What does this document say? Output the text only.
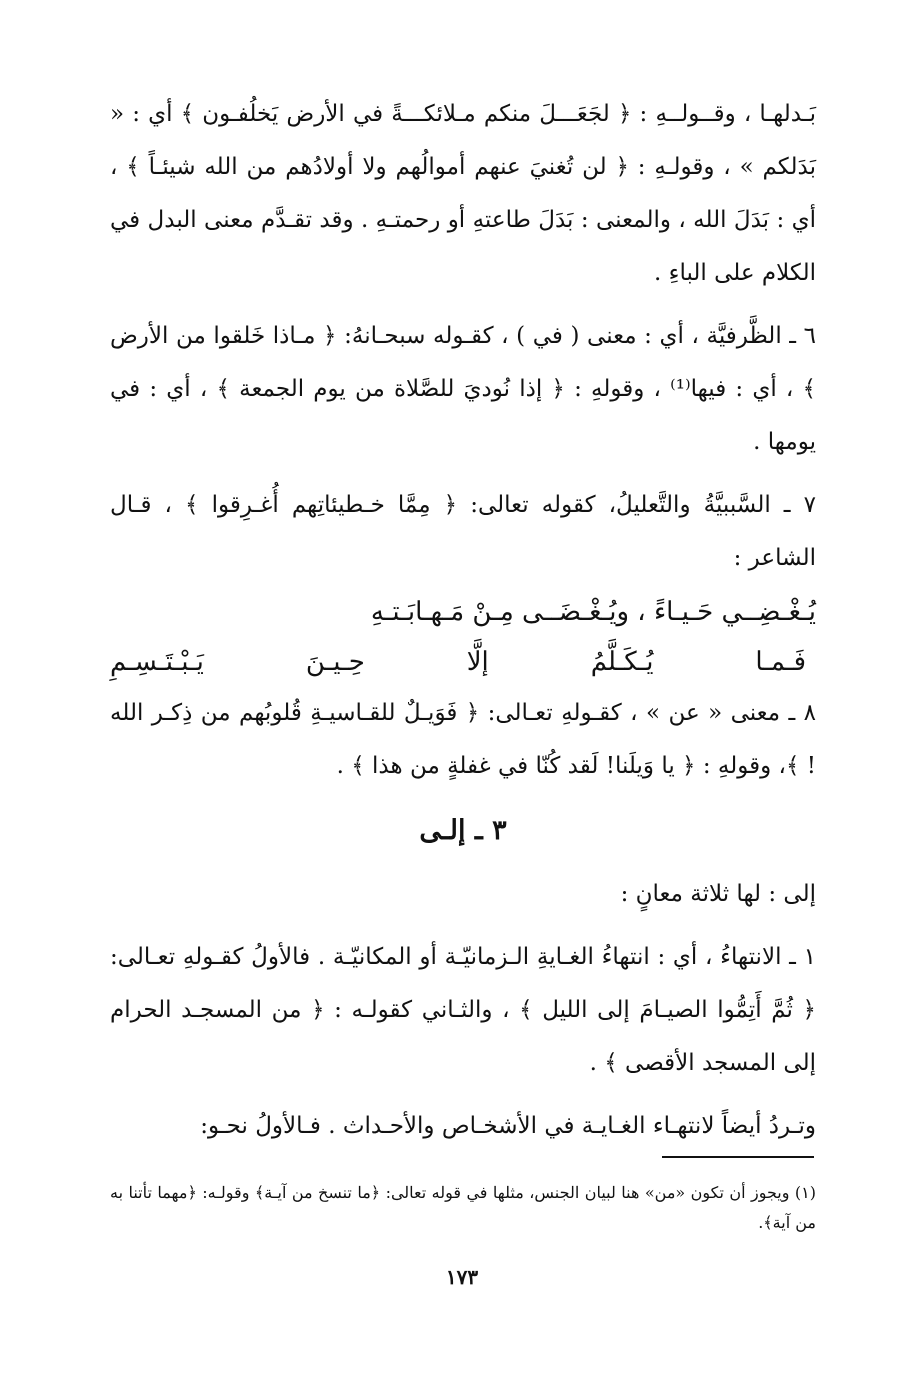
بَـدلهـا ، وقــولــهِ : ﴿ لجَعَـــلَ منكم مـلائكـــةً في الأرض يَخلُفـون ﴾ أي : « بَدَلكم » ، وقولـهِ : ﴿ لن تُغنيَ عنهم أموالُهم ولا أولادُهم من الله شيئـاً ﴾ ، أي : بَدَلَ الله ، والمعنى : بَدَلَ طاعتهِ أو رحمتـهِ . وقد تقـدَّم معنى البدل في الكلام على الباءِ .

٦ ـ الظَّرفيَّة ، أي : معنى ( في ) ، كقـوله سبحـانهُ: ﴿ مـاذا خَلقوا من الأرض ﴾ ، أي : فيها⁽¹⁾ ، وقولهِ : ﴿ إذا نُوديَ للصَّلاة من يوم الجمعة ﴾ ، أي : في يومها .

٧ ـ السَّببيَّةُ والتَّعليلُ، كقوله تعالى: ﴿ مِمَّا خـطيئاتِهم أُغـرِقوا ﴾ ، قـال الشاعر :

يُـغْـضِــي حَـيـاءً ، ويُـغْـضَــى مِـنْ مَـهـابَـتـهِ
فَـمـا يُـكَـلَّمُ إلَّا حِـيـنَ يَـبْـتَـسِـمِ

٨ ـ معنى « عن » ، كقـولهِ تعـالى: ﴿ فَوَيـلٌ للقـاسيـةِ قُلوبُهم من ذِكـر الله ! ﴾، وقولهِ : ﴿ يا وَيلَنا! لَقد كُنّا في غفلةٍ من هذا ﴾ .

٣ ـ إلـى

إلى : لها ثلاثة معانٍ :

١ ـ الانتهاءُ ، أي : انتهاءُ الغـايةِ الـزمانيّـة أو المكانيّـة . فالأولُ كقـولهِ تعـالى: ﴿ ثُمَّ أَتِمُّوا الصيـامَ إلى الليل ﴾ ، والثـاني كقولـه : ﴿ من المسجـد الحرام إلى المسجد الأقصى ﴾ .

وتـردُ أيضاً لانتهـاء الغـايـة في الأشخـاص والأحـداث . فـالأولُ نحـو:

(١) ويجوز أن تكون «من» هنا لبيان الجنس، مثلها في قوله تعالى: ﴿ما تنسخ من آيـة﴾ وقولـه: ﴿مهما تأتنا به من آية﴾.
١٧٣
